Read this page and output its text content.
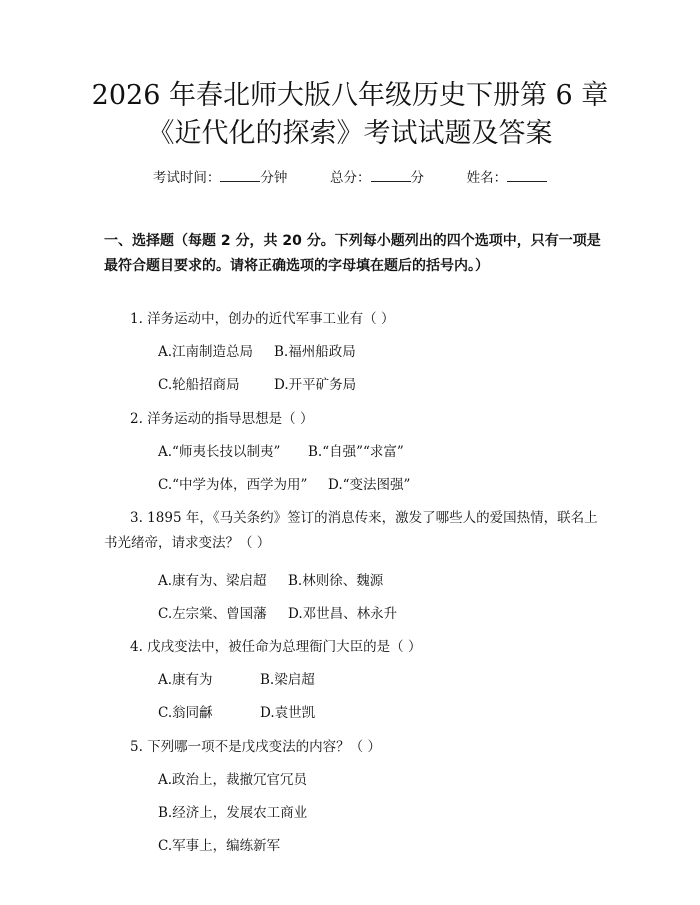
2026 年春北师大版八年级历史下册第 6 章
《近代化的探索》考试试题及答案
考试时间：	分钟	总分：	分	姓名：
一、选择题（每题 2 分，共 20 分。下列每小题列出的四个选项中，只有一项是最符合题目要求的。请将正确选项的字母填在题后的括号内。）
1. 洋务运动中，创办的近代军事工业有（ ）
A.江南制造总局 B.福州船政局
C.轮船招商局	D.开平矿务局
2. 洋务运动的指导思想是（ ）
A.“师夷长技以制夷” B.“自强”“求富”
C.“中学为体，西学为用” D.“变法图强”
3. 1895 年，《马关条约》签订的消息传来，激发了哪些人的爱国热情，联名上书光绪帝，请求变法？（ ）
A.康有为、梁启超 B.林则徐、魏源
C.左宗棠、曾国藩 D.邓世昌、林永升
4. 戊戌变法中，被任命为总理衙门大臣的是（ ）
A.康有为	B.梁启超
C.翁同龢	D.袁世凯
5. 下列哪一项不是戊戌变法的内容？（ ）
A.政治上，裁撤冗官冗员
B.经济上，发展农工商业
C.军事上，编练新军
